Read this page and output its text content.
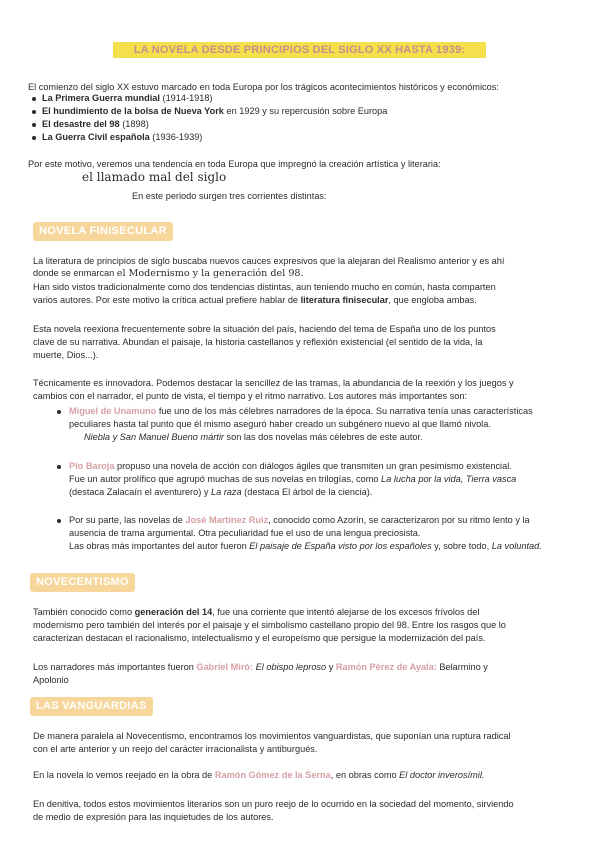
LA NOVELA DESDE PRINCIPIOS DEL SIGLO XX HASTA 1939:
El comienzo del siglo XX estuvo marcado en toda Europa por los trágicos acontecimientos históricos y económicos:
La Primera Guerra mundial (1914-1918)
El hundimiento de la bolsa de Nueva York en 1929 y su repercusión sobre Europa
El desastre del 98 (1898)
La Guerra Civil española (1936-1939)
Por este motivo, veremos una tendencia en toda Europa que impregnó la creación artística y literaria:
el llamado mal del siglo
En este periodo surgen tres corrientes distintas:
NOVELA FINISECULAR
La literatura de principios de siglo buscaba nuevos cauces expresivos que la alejaran del Realismo anterior y es ahí
donde se enmarcan el Modernismo y la generación del 98.
Han sido vistos tradicionalmente como dos tendencias distintas, aun teniendo mucho en común, hasta comparten
varios autores. Por este motivo la crítica actual prefiere hablar de literatura finisecular, que engloba ambas.
Esta novela reexiona frecuentemente sobre la situación del país, haciendo del tema de España uno de los puntos
clave de su narrativa. Abundan el paisaje, la historia castellanos y reflexión existencial (el sentido de la vida, la
muerte, Dios...).
Técnicamente es innovadora. Podemos destacar la sencillez de las tramas, la abundancia de la reexión y los juegos y
cambios con el narrador, el punto de vista, el tiempo y el ritmo narrativo. Los autores más importantes son:
Miguel de Unamuno fue uno de los más célebres narradores de la época. Su narrativa tenía unas características
peculiares hasta tal punto que él mismo aseguró haber creado un subgénero nuevo al que llamó nivola.
Niebla y San Manuel Bueno mártir son las dos novelas más célebres de este autor.
Pío Baroja propuso una novela de acción con diálogos ágiles que transmiten un gran pesimismo existencial.
Fue un autor prolífico que agrupó muchas de sus novelas en trilogías, como La lucha por la vida, Tierra vasca
(destaca Zalacaín el aventurero) y La raza (destaca El árbol de la ciencia).
Por su parte, las novelas de José Martínez Ruiz, conocido como Azorín, se caracterizaron por su ritmo lento y la
ausencia de trama argumental. Otra peculiaridad fue el uso de una lengua preciosista.
Las obras más importantes del autor fueron El paisaje de España visto por los españoles y, sobre todo, La voluntad.
NOVECENTISMO
También conocido como generación del 14, fue una corriente que intentó alejarse de los excesos frívolos del
modernismo pero también del interés por el paisaje y el simbolismo castellano propio del 98. Entre los rasgos que lo
caracterizan destacan el racionalismo, intelectualismo y el europeísmo que persigue la modernización del país.
Los narradores más importantes fueron Gabriel Miró: El obispo leproso y Ramón Pérez de Ayala: Belarmino y
Apolonio
LAS VANGUARDIAS
De manera paralela al Novecentismo, encontramos los movimientos vanguardistas, que suponían una ruptura radical
con el arte anterior y un reejo del carácter irracionalista y antiburgués.
En la novela lo vemos reejado en la obra de Ramón Gómez de la Serna, en obras como El doctor inverosímil.
En denitiva, todos estos movimientos literarios son un puro reejo de lo ocurrido en la sociedad del momento, sirviendo
de medio de expresión para las inquietudes de los autores.
